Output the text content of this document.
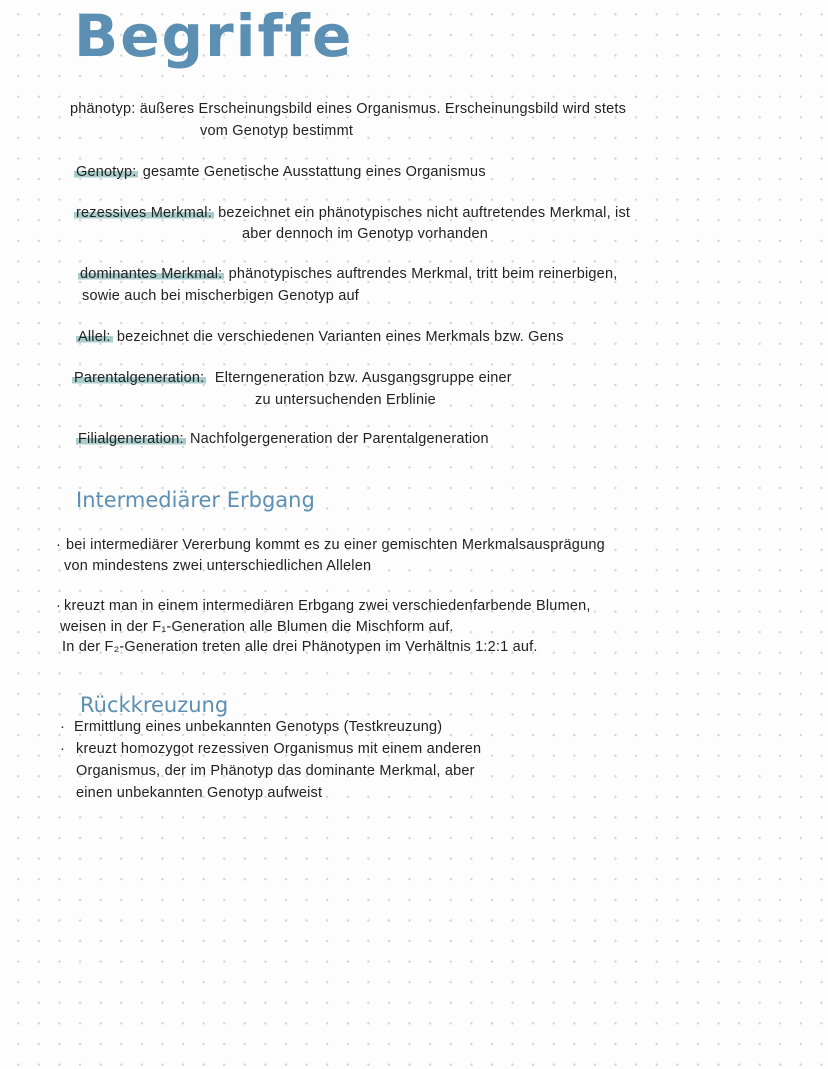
Begriffe
phänotyp: äußeres Erscheinungsbild eines Organismus. Erscheinungsbild wird stets
vom Genotyp bestimmt
Genotyp: gesamte Genetische Ausstattung eines Organismus
rezessives Merkmal: bezeichnet ein phänotypisches nicht auftretendes Merkmal, ist
aber dennoch im Genotyp vorhanden
dominantes Merkmal: phänotypisches auftrendes Merkmal, tritt beim reinerbigen,
sowie auch bei mischerbigen Genotyp auf
Allel: bezeichnet die verschiedenen Varianten eines Merkmals bzw. Gens
Parentalgeneration: Elterngeneration bzw. Ausgangsgruppe einer
zu untersuchenden Erblinie
Filialgeneration: Nachfolgergeneration der Parentalgeneration
Intermediärer Erbgang
· bei intermediärer Vererbung kommt es zu einer gemischten Merkmalsausprägung
von mindestens zwei unterschiedlichen Allelen
· kreuzt man in einem intermediären Erbgang zwei verschiedenfarbende Blumen,
weisen in der F₁-Generation alle Blumen die Mischform auf.
In der F₂-Generation treten alle drei Phänotypen im Verhältnis 1:2:1 auf.
Rückkreuzung
· Ermittlung eines unbekannten Genotyps (Testkreuzung)
· kreuzt homozygot rezessiven Organismus mit einem anderen
Organismus, der im Phänotyp das dominante Merkmal, aber
einen unbekannten Genotyp aufweist
